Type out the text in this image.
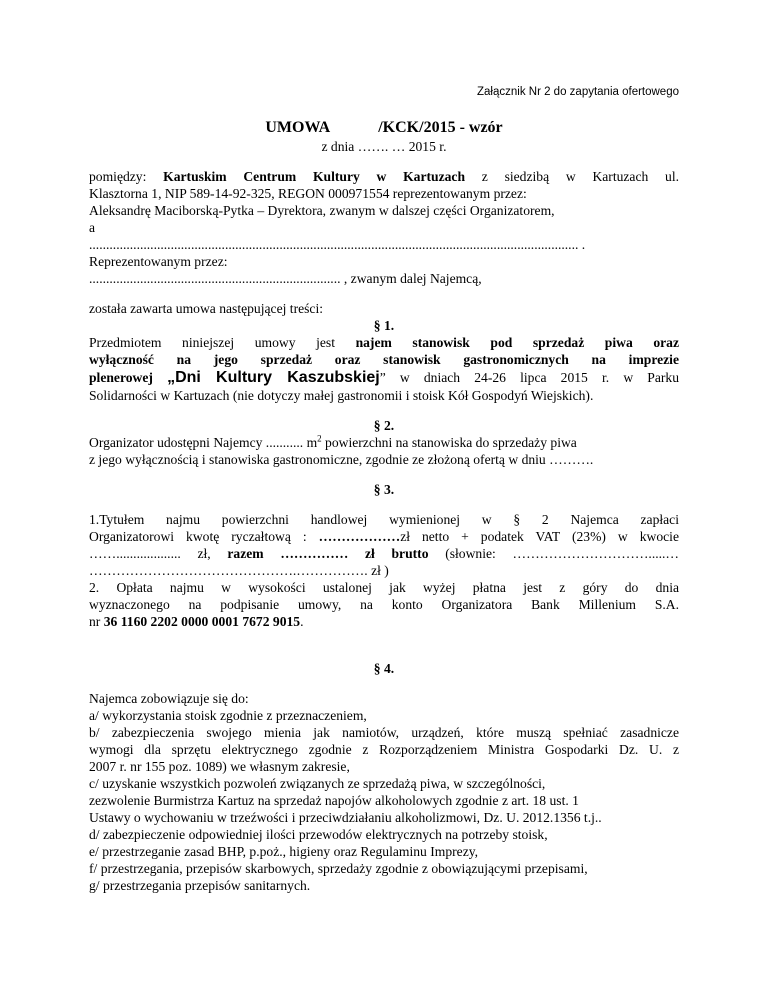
Załącznik Nr 2 do zapytania ofertowego
UMOWA	/KCK/2015 - wzór
z dnia ……. … 2015 r.
pomiędzy: Kartuskim Centrum Kultury w Kartuzach z siedzibą w Kartuzach ul.
Klasztorna 1, NIP 589-14-92-325, REGON 000971554 reprezentowanym przez:
Aleksandrę Maciborską-Pytka – Dyrektora, zwanym w dalszej części Organizatorem,
a
................................................................................................................................................ .
Reprezentowanym przez:
.......................................................................... , zwanym dalej Najemcą,
została zawarta umowa następującej treści:
§ 1.
Przedmiotem niniejszej umowy jest najem stanowisk pod sprzedaż piwa oraz
wyłączność na jego sprzedaż oraz stanowisk gastronomicznych na imprezie
plenerowej „Dni Kultury Kaszubskiej” w dniach 24-26 lipca 2015 r. w Parku
Solidarności w Kartuzach (nie dotyczy małej gastronomii i stoisk Kół Gospodyń Wiejskich).
§ 2.
Organizator udostępni Najemcy ........... $m^2$ powierzchni na stanowiska do sprzedaży piwa
z jego wyłącznością i stanowiska gastronomiczne, zgodnie ze złożoną ofertą w dniu ……….
§ 3.
1.Tytułem najmu powierzchni handlowej wymienionej w § 2 Najemca zapłaci
Organizatorowi kwotę ryczałtową : ………………zł netto + podatek VAT (23%) w kwocie
……................... zł, razem …………… zł brutto (słownie: ………………………….....…
……………………………………….……………. zł )
2. Opłata najmu w wysokości ustalonej jak wyżej płatna jest z góry do dnia
wyznaczonego na podpisanie umowy, na konto Organizatora Bank Millenium S.A.
nr 36 1160 2202 0000 0001 7672 9015.
§ 4.
Najemca zobowiązuje się do:
a/ wykorzystania stoisk zgodnie z przeznaczeniem,
b/ zabezpieczenia swojego mienia jak namiotów, urządzeń, które muszą spełniać zasadnicze
wymogi dla sprzętu elektrycznego zgodnie z Rozporządzeniem Ministra Gospodarki Dz. U. z
2007 r. nr 155 poz. 1089) we własnym zakresie,
c/ uzyskanie wszystkich pozwoleń związanych ze sprzedażą piwa, w szczególności,
zezwolenie Burmistrza Kartuz na sprzedaż napojów alkoholowych zgodnie z art. 18 ust. 1
Ustawy o wychowaniu w trzeźwości i przeciwdziałaniu alkoholizmowi, Dz. U. 2012.1356 t.j..
d/ zabezpieczenie odpowiedniej ilości przewodów elektrycznych na potrzeby stoisk,
e/ przestrzeganie zasad BHP, p.poż., higieny oraz Regulaminu Imprezy,
f/ przestrzegania, przepisów skarbowych, sprzedaży zgodnie z obowiązującymi przepisami,
g/ przestrzegania przepisów sanitarnych.
